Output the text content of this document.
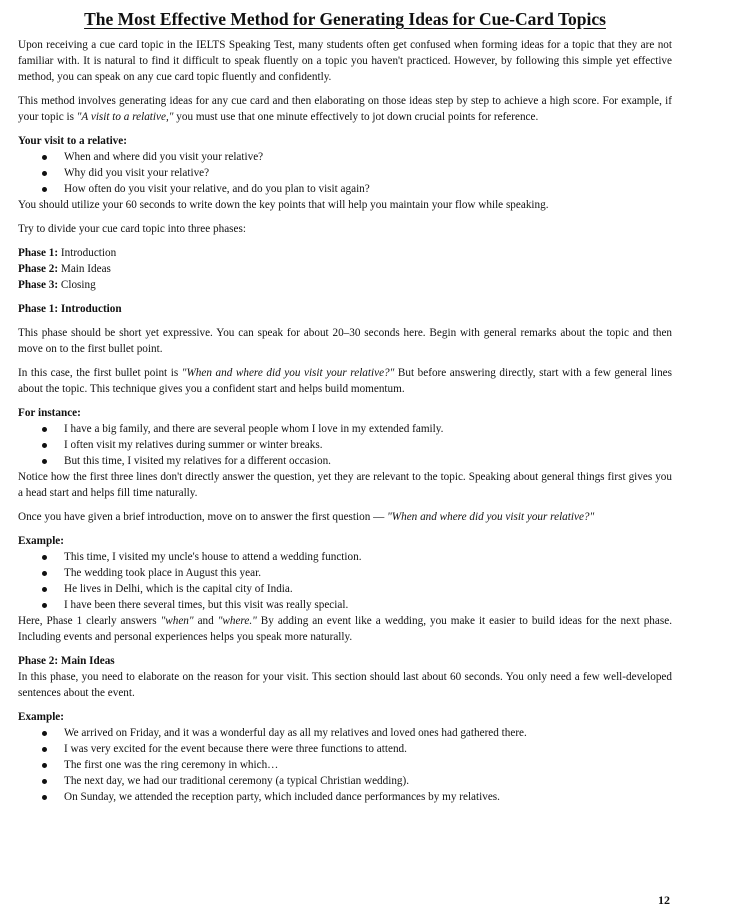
The Most Effective Method for Generating Ideas for Cue-Card Topics

Upon receiving a cue card topic in the IELTS Speaking Test, many students often get confused when forming ideas for a topic that they are not familiar with. It is natural to find it difficult to speak fluently on a topic you haven't practiced. However, by following this simple yet effective method, you can speak on any cue card topic fluently and confidently.

This method involves generating ideas for any cue card and then elaborating on those ideas step by step to achieve a high score. For example, if your topic is "A visit to a relative," you must use that one minute effectively to jot down crucial points for reference.

Your visit to a relative:
When and where did you visit your relative?
Why did you visit your relative?
How often do you visit your relative, and do you plan to visit again?

You should utilize your 60 seconds to write down the key points that will help you maintain your flow while speaking.

Try to divide your cue card topic into three phases:

Phase 1: Introduction
Phase 2: Main Ideas
Phase 3: Closing
Phase 1: Introduction

This phase should be short yet expressive. You can speak for about 20–30 seconds here. Begin with general remarks about the topic and then move on to the first bullet point.

In this case, the first bullet point is "When and where did you visit your relative?" But before answering directly, start with a few general lines about the topic. This technique gives you a confident start and helps build momentum.

For instance:
I have a big family, and there are several people whom I love in my extended family.
I often visit my relatives during summer or winter breaks.
But this time, I visited my relatives for a different occasion.

Notice how the first three lines don't directly answer the question, yet they are relevant to the topic. Speaking about general things first gives you a head start and helps fill time naturally.

Once you have given a brief introduction, move on to answer the first question — "When and where did you visit your relative?"

Example:
This time, I visited my uncle's house to attend a wedding function.
The wedding took place in August this year.
He lives in Delhi, which is the capital city of India.
I have been there several times, but this visit was really special.

Here, Phase 1 clearly answers "when" and "where." By adding an event like a wedding, you make it easier to build ideas for the next phase. Including events and personal experiences helps you speak more naturally.

Phase 2: Main Ideas

In this phase, you need to elaborate on the reason for your visit. This section should last about 60 seconds. You only need a few well-developed sentences about the event.

Example:
We arrived on Friday, and it was a wonderful day as all my relatives and loved ones had gathered there.
I was very excited for the event because there were three functions to attend.
The first one was the ring ceremony in which…
The next day, we had our traditional ceremony (a typical Christian wedding).
On Sunday, we attended the reception party, which included dance performances by my relatives.
12
